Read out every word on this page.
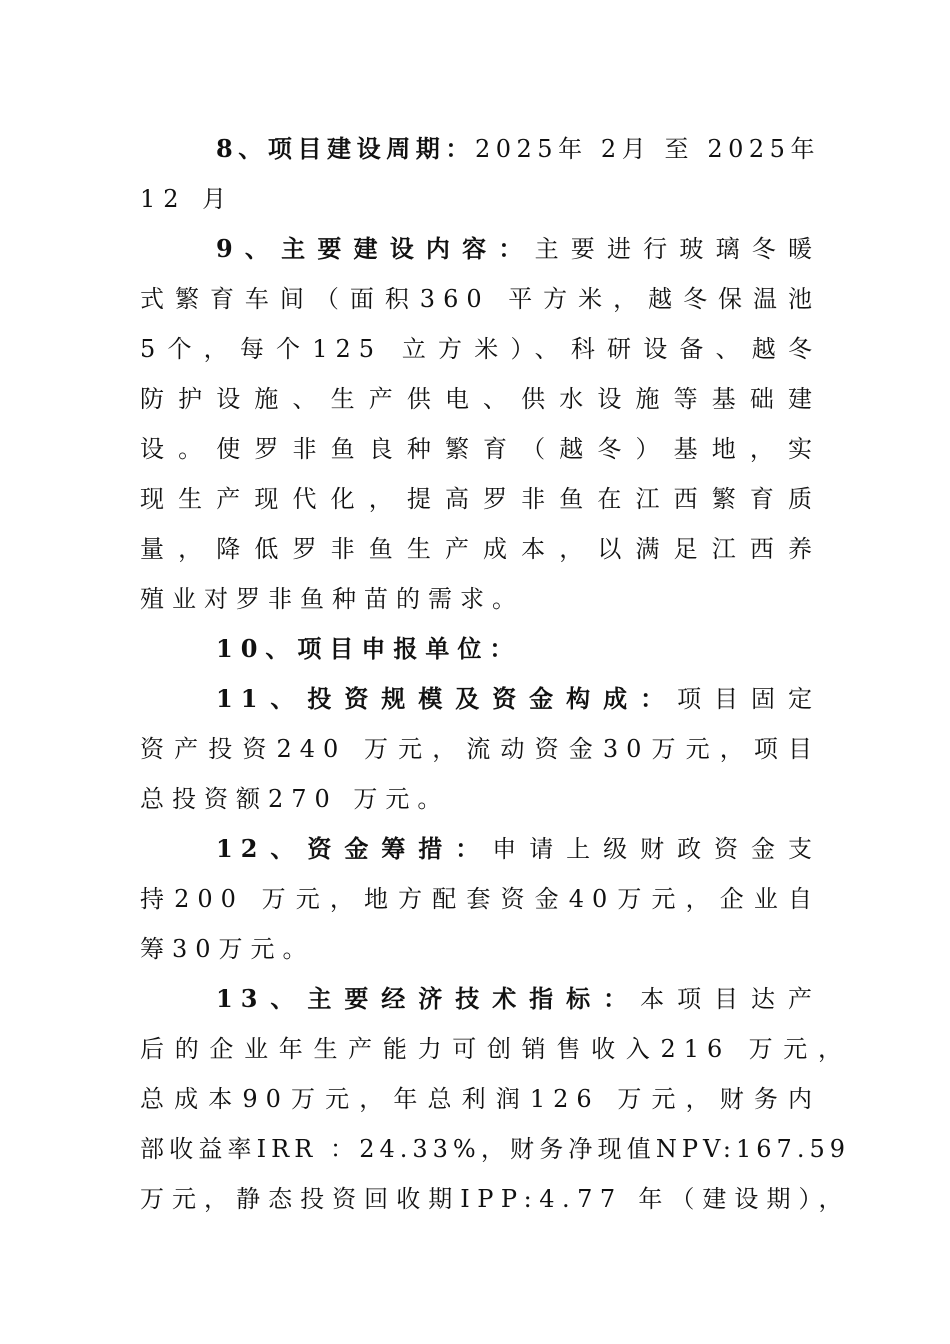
8、项目建设周期：2025年 2月 至 2025年
12 月
9、主要建设内容：主要进行玻璃冬暖
式繁育车间（面积360 平方米，越冬保温池
5个，每个125 立方米）、科研设备、越冬
防护设施、生产供电、供水设施等基础建
设。使罗非鱼良种繁育（越冬）基地，实
现生产现代化，提高罗非鱼在江西繁育质
量，降低罗非鱼生产成本，以满足江西养
殖业对罗非鱼种苗的需求。
10、项目申报单位：
11、投资规模及资金构成：项目固定
资产投资240 万元，流动资金30万元，项目
总投资额270 万元。
12、资金筹措：申请上级财政资金支
持200 万元，地方配套资金40万元，企业自
筹30万元。
13、主要经济技术指标：本项目达产
后的企业年生产能力可创销售收入216 万元，
总成本90万元，年总利润126 万元，财务内
部收益率IRR ：24.33%，财务净现值NPV:167.59
万元，静态投资回收期IPP:4.77 年（建设期），
